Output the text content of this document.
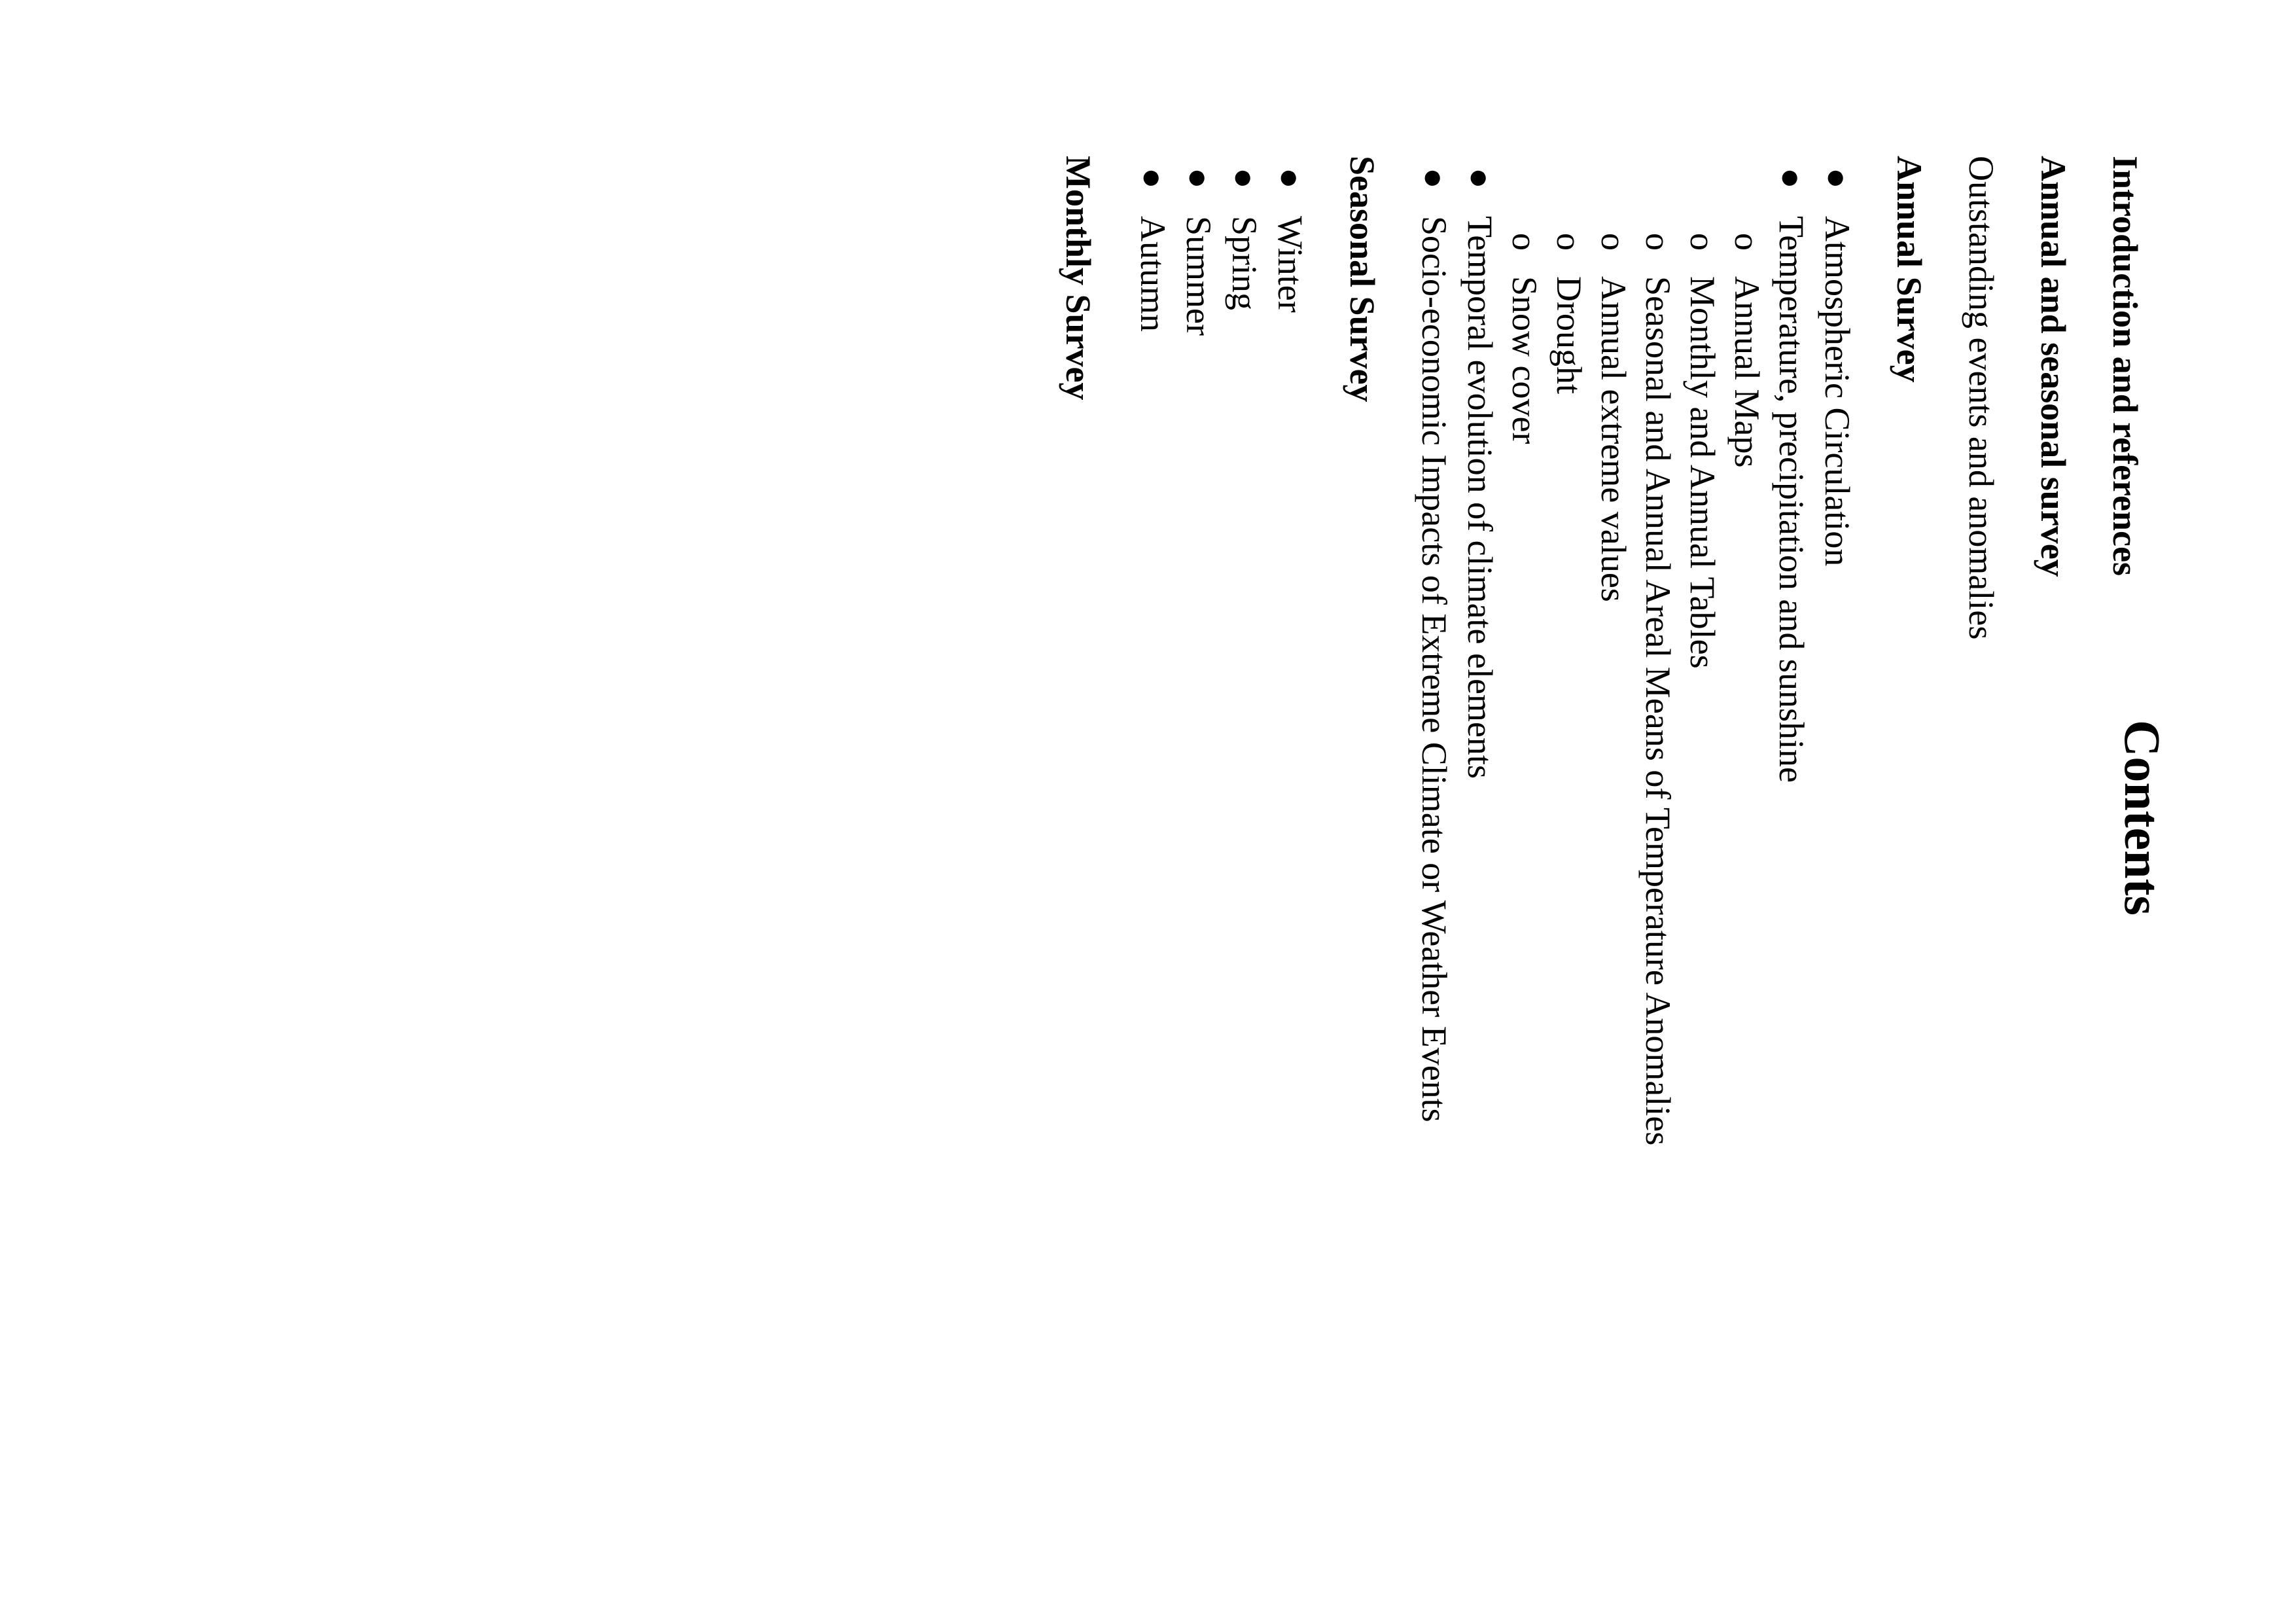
Contents
Introduction and references
Annual and seasonal survey
Outstanding events and anomalies
Annual Survey
●
Atmospheric Circulation
●
Temperature, precipitation and sunshine
o
Annual Maps
o
Monthly and Annual Tables
o
Seasonal and Annual Areal Means of Temperature Anomalies
o
Annual extreme values
o
Drought
o
Snow cover
●
Temporal evolution of climate elements
●
Socio-economic Impacts of Extreme Climate or Weather Events
Seasonal Survey
●
Winter
●
Spring
●
Summer
●
Autumn
Monthly Survey
